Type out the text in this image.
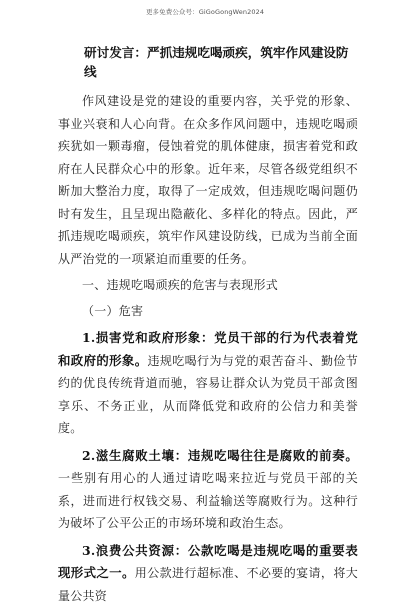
更多免费公众号：GiGoGongWen2024
研讨发言：严抓违规吃喝顽疾，筑牢作风建设防线

作风建设是党的建设的重要内容，关乎党的形象、事业兴衰和人心向背。在众多作风问题中，违规吃喝顽疾犹如一颗毒瘤，侵蚀着党的肌体健康，损害着党和政府在人民群众心中的形象。近年来，尽管各级党组织不断加大整治力度，取得了一定成效，但违规吃喝问题仍时有发生，且呈现出隐蔽化、多样化的特点。因此，严抓违规吃喝顽疾，筑牢作风建设防线，已成为当前全面从严治党的一项紧迫而重要的任务。

一、违规吃喝顽疾的危害与表现形式

（一）危害

1.损害党和政府形象：党员干部的行为代表着党和政府的形象。违规吃喝行为与党的艰苦奋斗、勤俭节约的优良传统背道而驰，容易让群众认为党员干部贪图享乐、不务正业，从而降低党和政府的公信力和美誉度。

2.滋生腐败土壤：违规吃喝往往是腐败的前奏。一些别有用心的人通过请吃喝来拉近与党员干部的关系，进而进行权钱交易、利益输送等腐败行为。这种行为破坏了公平公正的市场环境和政治生态。

3.浪费公共资源：公款吃喝是违规吃喝的重要表现形式之一。用公款进行超标准、不必要的宴请，将大量公共资
